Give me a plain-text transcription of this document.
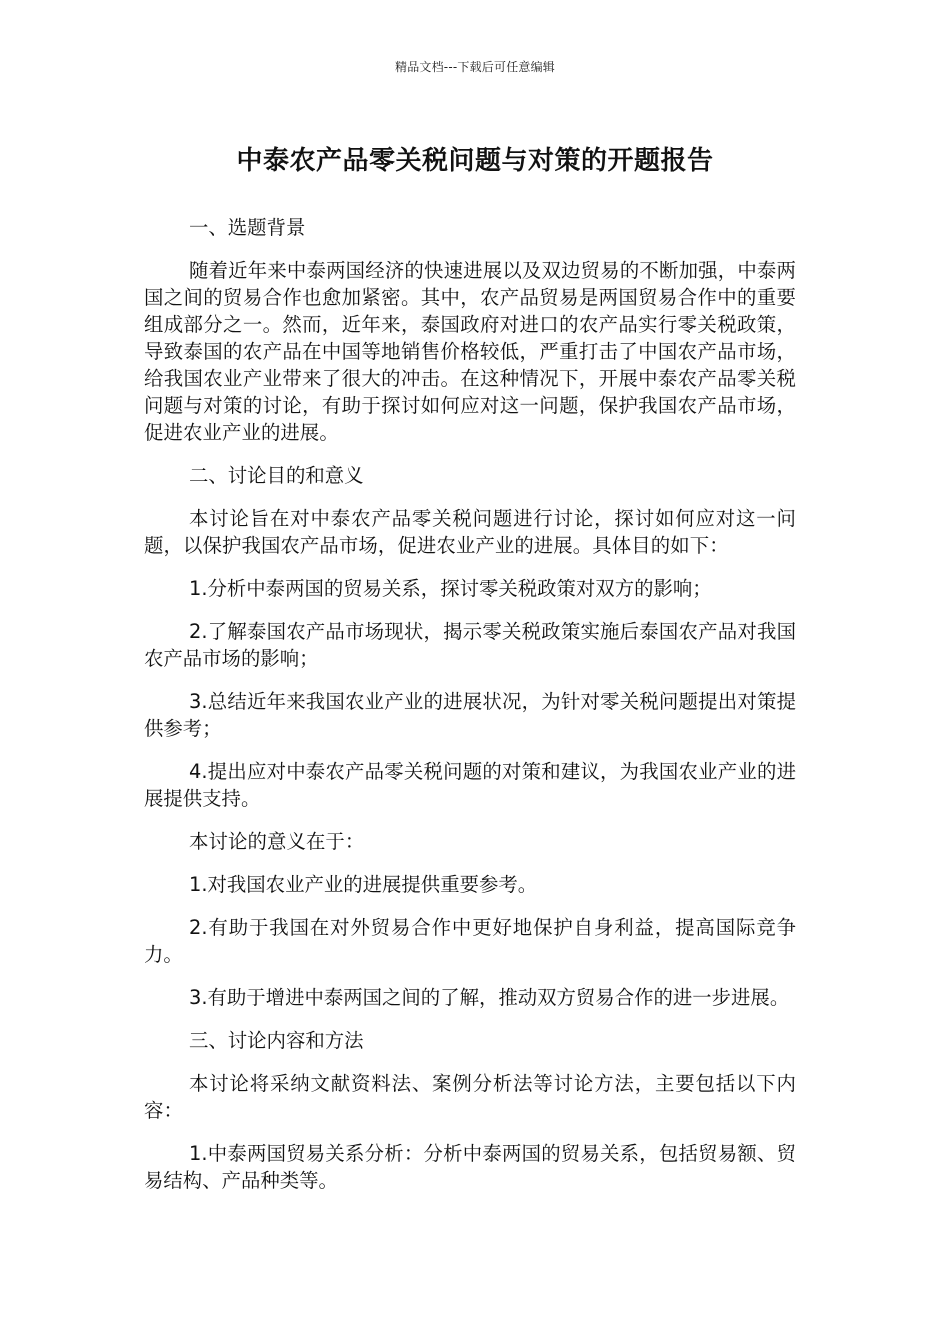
精品文档---下载后可任意编辑
中泰农产品零关税问题与对策的开题报告

一、选题背景

随着近年来中泰两国经济的快速进展以及双边贸易的不断加强，中泰两国之间的贸易合作也愈加紧密。其中，农产品贸易是两国贸易合作中的重要组成部分之一。然而，近年来，泰国政府对进口的农产品实行零关税政策，导致泰国的农产品在中国等地销售价格较低，严重打击了中国农产品市场，给我国农业产业带来了很大的冲击。在这种情况下，开展中泰农产品零关税问题与对策的讨论，有助于探讨如何应对这一问题，保护我国农产品市场，促进农业产业的进展。

二、讨论目的和意义

本讨论旨在对中泰农产品零关税问题进行讨论，探讨如何应对这一问题，以保护我国农产品市场，促进农业产业的进展。具体目的如下：

1.分析中泰两国的贸易关系，探讨零关税政策对双方的影响；

2.了解泰国农产品市场现状，揭示零关税政策实施后泰国农产品对我国农产品市场的影响；

3.总结近年来我国农业产业的进展状况，为针对零关税问题提出对策提供参考；

4.提出应对中泰农产品零关税问题的对策和建议，为我国农业产业的进展提供支持。

本讨论的意义在于：

1.对我国农业产业的进展提供重要参考。

2.有助于我国在对外贸易合作中更好地保护自身利益，提高国际竞争力。

3.有助于增进中泰两国之间的了解，推动双方贸易合作的进一步进展。

三、讨论内容和方法

本讨论将采纳文献资料法、案例分析法等讨论方法，主要包括以下内容：

1.中泰两国贸易关系分析：分析中泰两国的贸易关系，包括贸易额、贸易结构、产品种类等。
